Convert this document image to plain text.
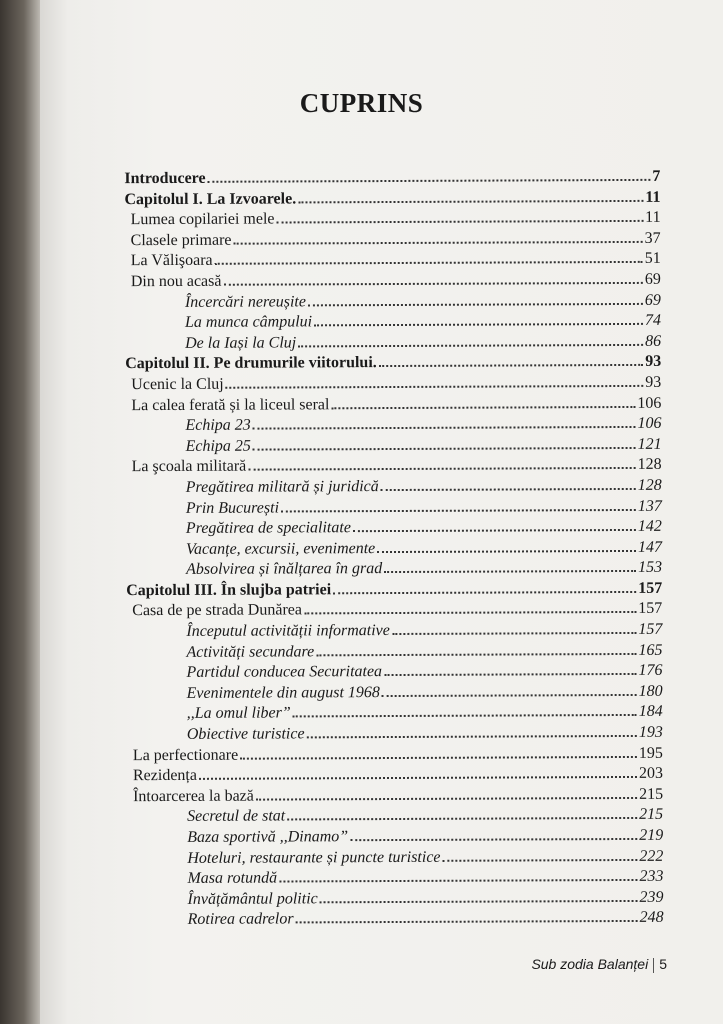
CUPRINS
Introducere	7
Capitolul I. La Izvoarele.	11
Lumea copilariei mele	11
Clasele primare	37
La Vălişoara	51
Din nou acasă	69
Încercări nereușite	69
La munca câmpului	74
De la Iași la Cluj	86
Capitolul II. Pe drumurile viitorului.	93
Ucenic la Cluj	93
La calea ferată și la liceul seral	106
Echipa 23	106
Echipa 25	121
La şcoala militară	128
Pregătirea militară și juridică	128
Prin București	137
Pregătirea de specialitate	142
Vacanțe, excursii, evenimente	147
Absolvirea și înălțarea în grad	153
Capitolul III. În slujba patriei	157
Casa de pe strada Dunărea	157
Începutul activității informative	157
Activități secundare	165
Partidul conducea Securitatea	176
Evenimentele din august 1968	180
,,La omul liber”	184
Obiective turistice	193
La perfectionare	195
Rezidența	203
Întoarcerea la bază	215
Secretul de stat	215
Baza sportivă ,,Dinamo”	219
Hoteluri, restaurante și puncte turistice	222
Masa rotundă	233
Învățământul politic	239
Rotirea cadrelor	248
Sub zodia Balanței 5
